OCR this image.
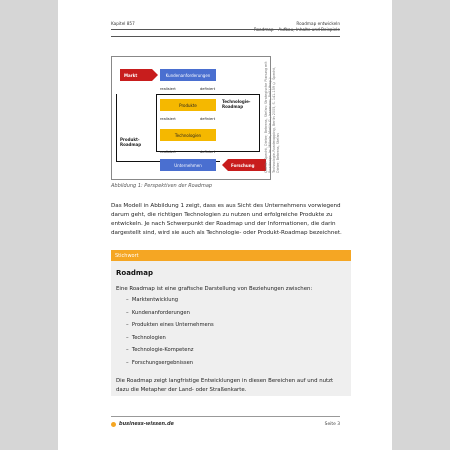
Kapitel 857	Roadmap entwickeln
Roadmap – Aufbau, Inhalte und Beispiele
Markt	Kundenanforderungen
realisiert	definiert
Produkte
realisiert	definiert
Technologien
Technologie-Roadmap
Produkt-Roadmap
realisiert	definiert
Unternehmen	Forschung	Quelle: Specht, Dieter; Behrens, Stefan: Strategische Planung mit Roadmaps. In: Möhrle, Martin G.; Isenmann, Ralf (Hrsg.): Technologie-Roadmapping, Berlin 2005, S. 141-159 © Specht, Dieter; Behrens, Stefan
Abbildung 1: Perspektiven der Roadmap
Das Modell in Abbildung 1 zeigt, dass es aus Sicht des Unternehmens vorwiegend darum geht, die richtigen Technologien zu nutzen und erfolgreiche Produkte zu entwickeln. Je nach Schwerpunkt der Roadmap und der Informationen, die darin dargestellt sind, wird sie auch als Technologie- oder Produkt-Roadmap bezeichnet.
Stichwort
Roadmap
Eine Roadmap ist eine grafische Darstellung von Beziehungen zwischen:
–  Marktentwicklung
–  Kundenanforderungen
–  Produkten eines Unternehmens
–  Technologien
–  Technologie-Kompetenz
–  Forschungsergebnissen
Die Roadmap zeigt langfristige Entwicklungen in diesen Bereichen auf und nutzt dazu die Metapher der Land- oder Straßenkarte.
business-wissen.de	Seite 3
